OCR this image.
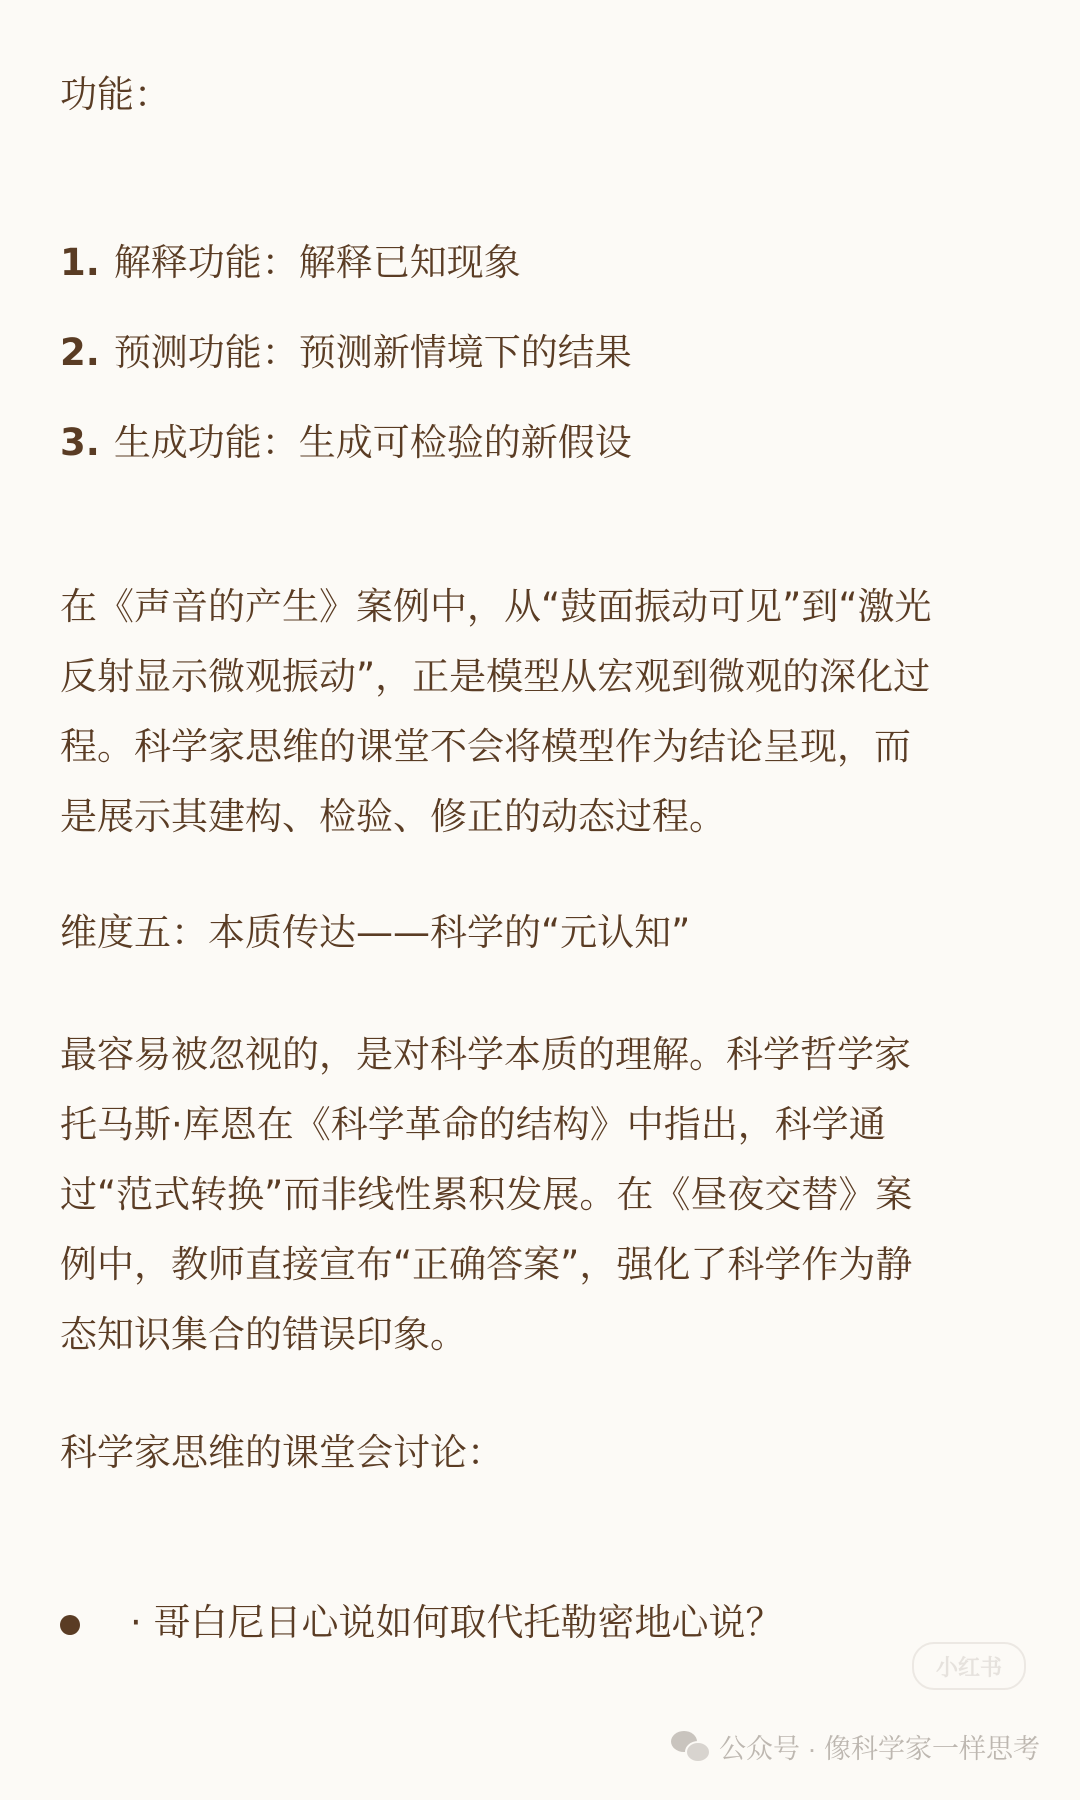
功能：
1. 解释功能：解释已知现象
2. 预测功能：预测新情境下的结果
3. 生成功能：生成可检验的新假设
在《声音的产生》案例中，从“鼓面振动可见”到“激光
反射显示微观振动”，正是模型从宏观到微观的深化过
程。科学家思维的课堂不会将模型作为结论呈现，而
是展示其建构、检验、修正的动态过程。
维度五：本质传达——科学的“元认知”
最容易被忽视的，是对科学本质的理解。科学哲学家
托马斯·库恩在《科学革命的结构》中指出，科学通
过“范式转换”而非线性累积发展。在《昼夜交替》案
例中，教师直接宣布“正确答案”，强化了科学作为静
态知识集合的错误印象。
科学家思维的课堂会讨论：
· 哥白尼日心说如何取代托勒密地心说？
小红书
公众号 · 像科学家一样思考
